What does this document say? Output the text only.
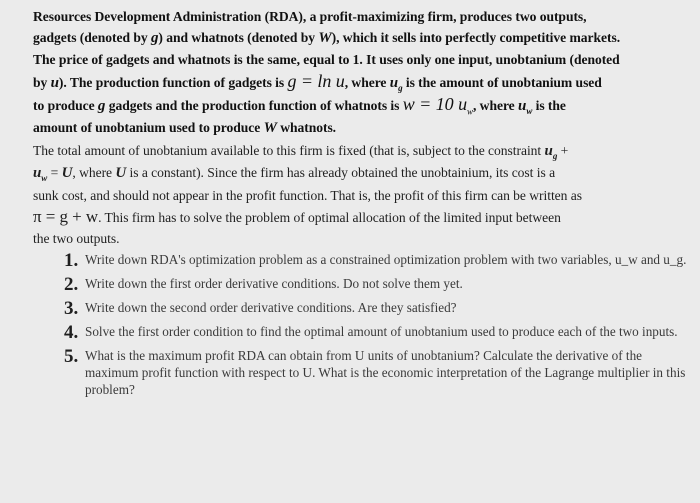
Resources Development Administration (RDA), a profit-maximizing firm, produces two outputs,
gadgets (denoted by g) and whatnots (denoted by W), which it sells into perfectly competitive markets.
The price of gadgets and whatnots is the same, equal to 1. It uses only one input, unobtanium (denoted
by u). The production function of gadgets is g = ln u, where $u_g$ is the amount of unobtanium used
to produce g gadgets and the production function of whatnots is w = 10 $u_w$, where $u_w$ is the
amount of unobtanium used to produce W whatnots.

The total amount of unobtanium available to this firm is fixed (that is, subject to the constraint $u_g$ +
$u_w = U$, where U is a constant). Since the firm has already obtained the unobtainium, its cost is a
sunk cost, and should not appear in the profit function. That is, the profit of this firm can be written as
π = g + w. This firm has to solve the problem of optimal allocation of the limited input between
the two outputs.

1. Write down RDA's optimization problem as a constrained optimization problem with two variables, u_w and u_g.
2. Write down the first order derivative conditions. Do not solve them yet.
3. Write down the second order derivative conditions. Are they satisfied?
4. Solve the first order condition to find the optimal amount of unobtanium used to produce each of the two inputs.
5. What is the maximum profit RDA can obtain from U units of unobtanium? Calculate the derivative of the maximum profit function with respect to U. What is the economic interpretation of the Lagrange multiplier in this problem?
